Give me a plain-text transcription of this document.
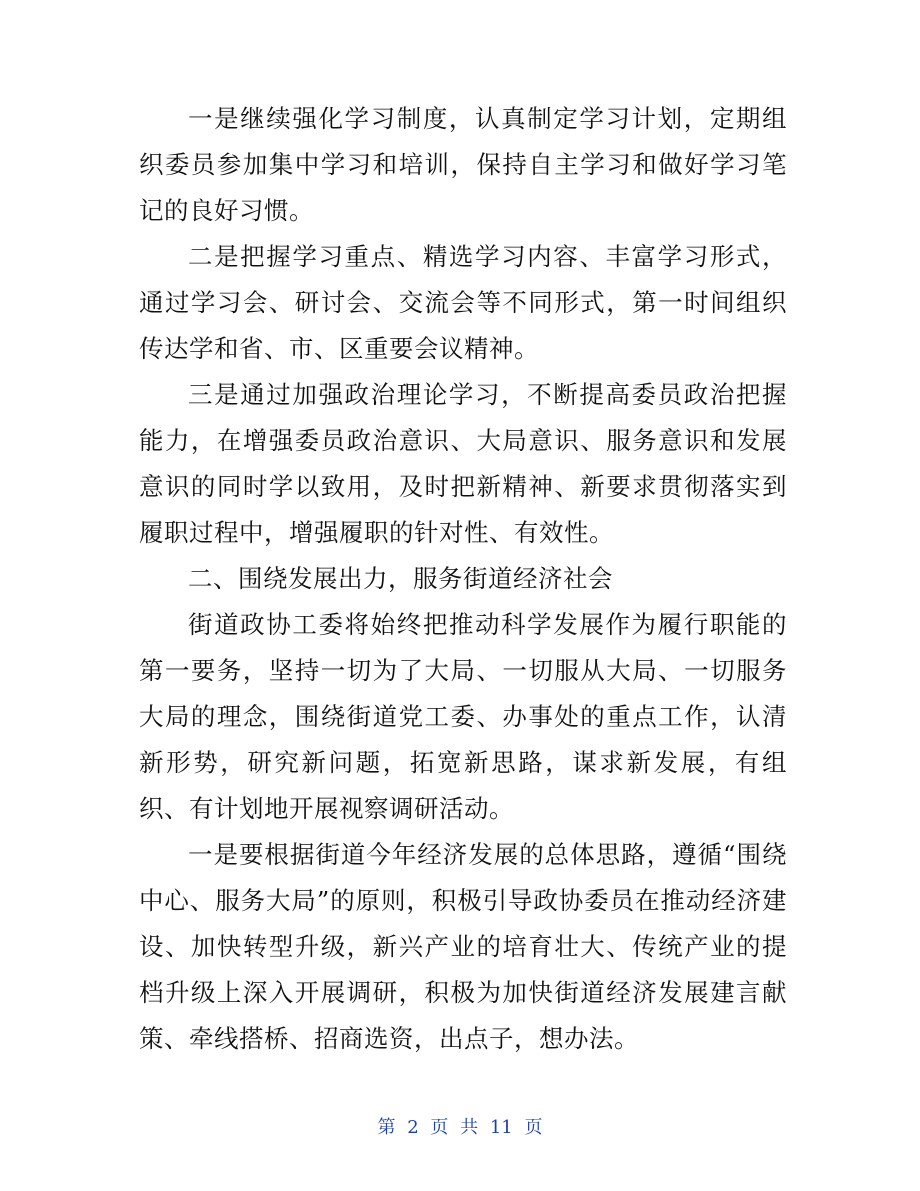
一是继续强化学习制度，认真制定学习计划，定期组织委员参加集中学习和培训，保持自主学习和做好学习笔记的良好习惯。

二是把握学习重点、精选学习内容、丰富学习形式，通过学习会、研讨会、交流会等不同形式，第一时间组织传达学和省、市、区重要会议精神。

三是通过加强政治理论学习，不断提高委员政治把握能力，在增强委员政治意识、大局意识、服务意识和发展意识的同时学以致用，及时把新精神、新要求贯彻落实到履职过程中，增强履职的针对性、有效性。

二、围绕发展出力，服务街道经济社会

街道政协工委将始终把推动科学发展作为履行职能的第一要务，坚持一切为了大局、一切服从大局、一切服务大局的理念，围绕街道党工委、办事处的重点工作，认清新形势，研究新问题，拓宽新思路，谋求新发展，有组织、有计划地开展视察调研活动。

一是要根据街道今年经济发展的总体思路，遵循“围绕中心、服务大局”的原则，积极引导政协委员在推动经济建设、加快转型升级，新兴产业的培育壮大、传统产业的提档升级上深入开展调研，积极为加快街道经济发展建言献策、牵线搭桥、招商选资，出点子，想办法。

第 2 页 共 11 页
